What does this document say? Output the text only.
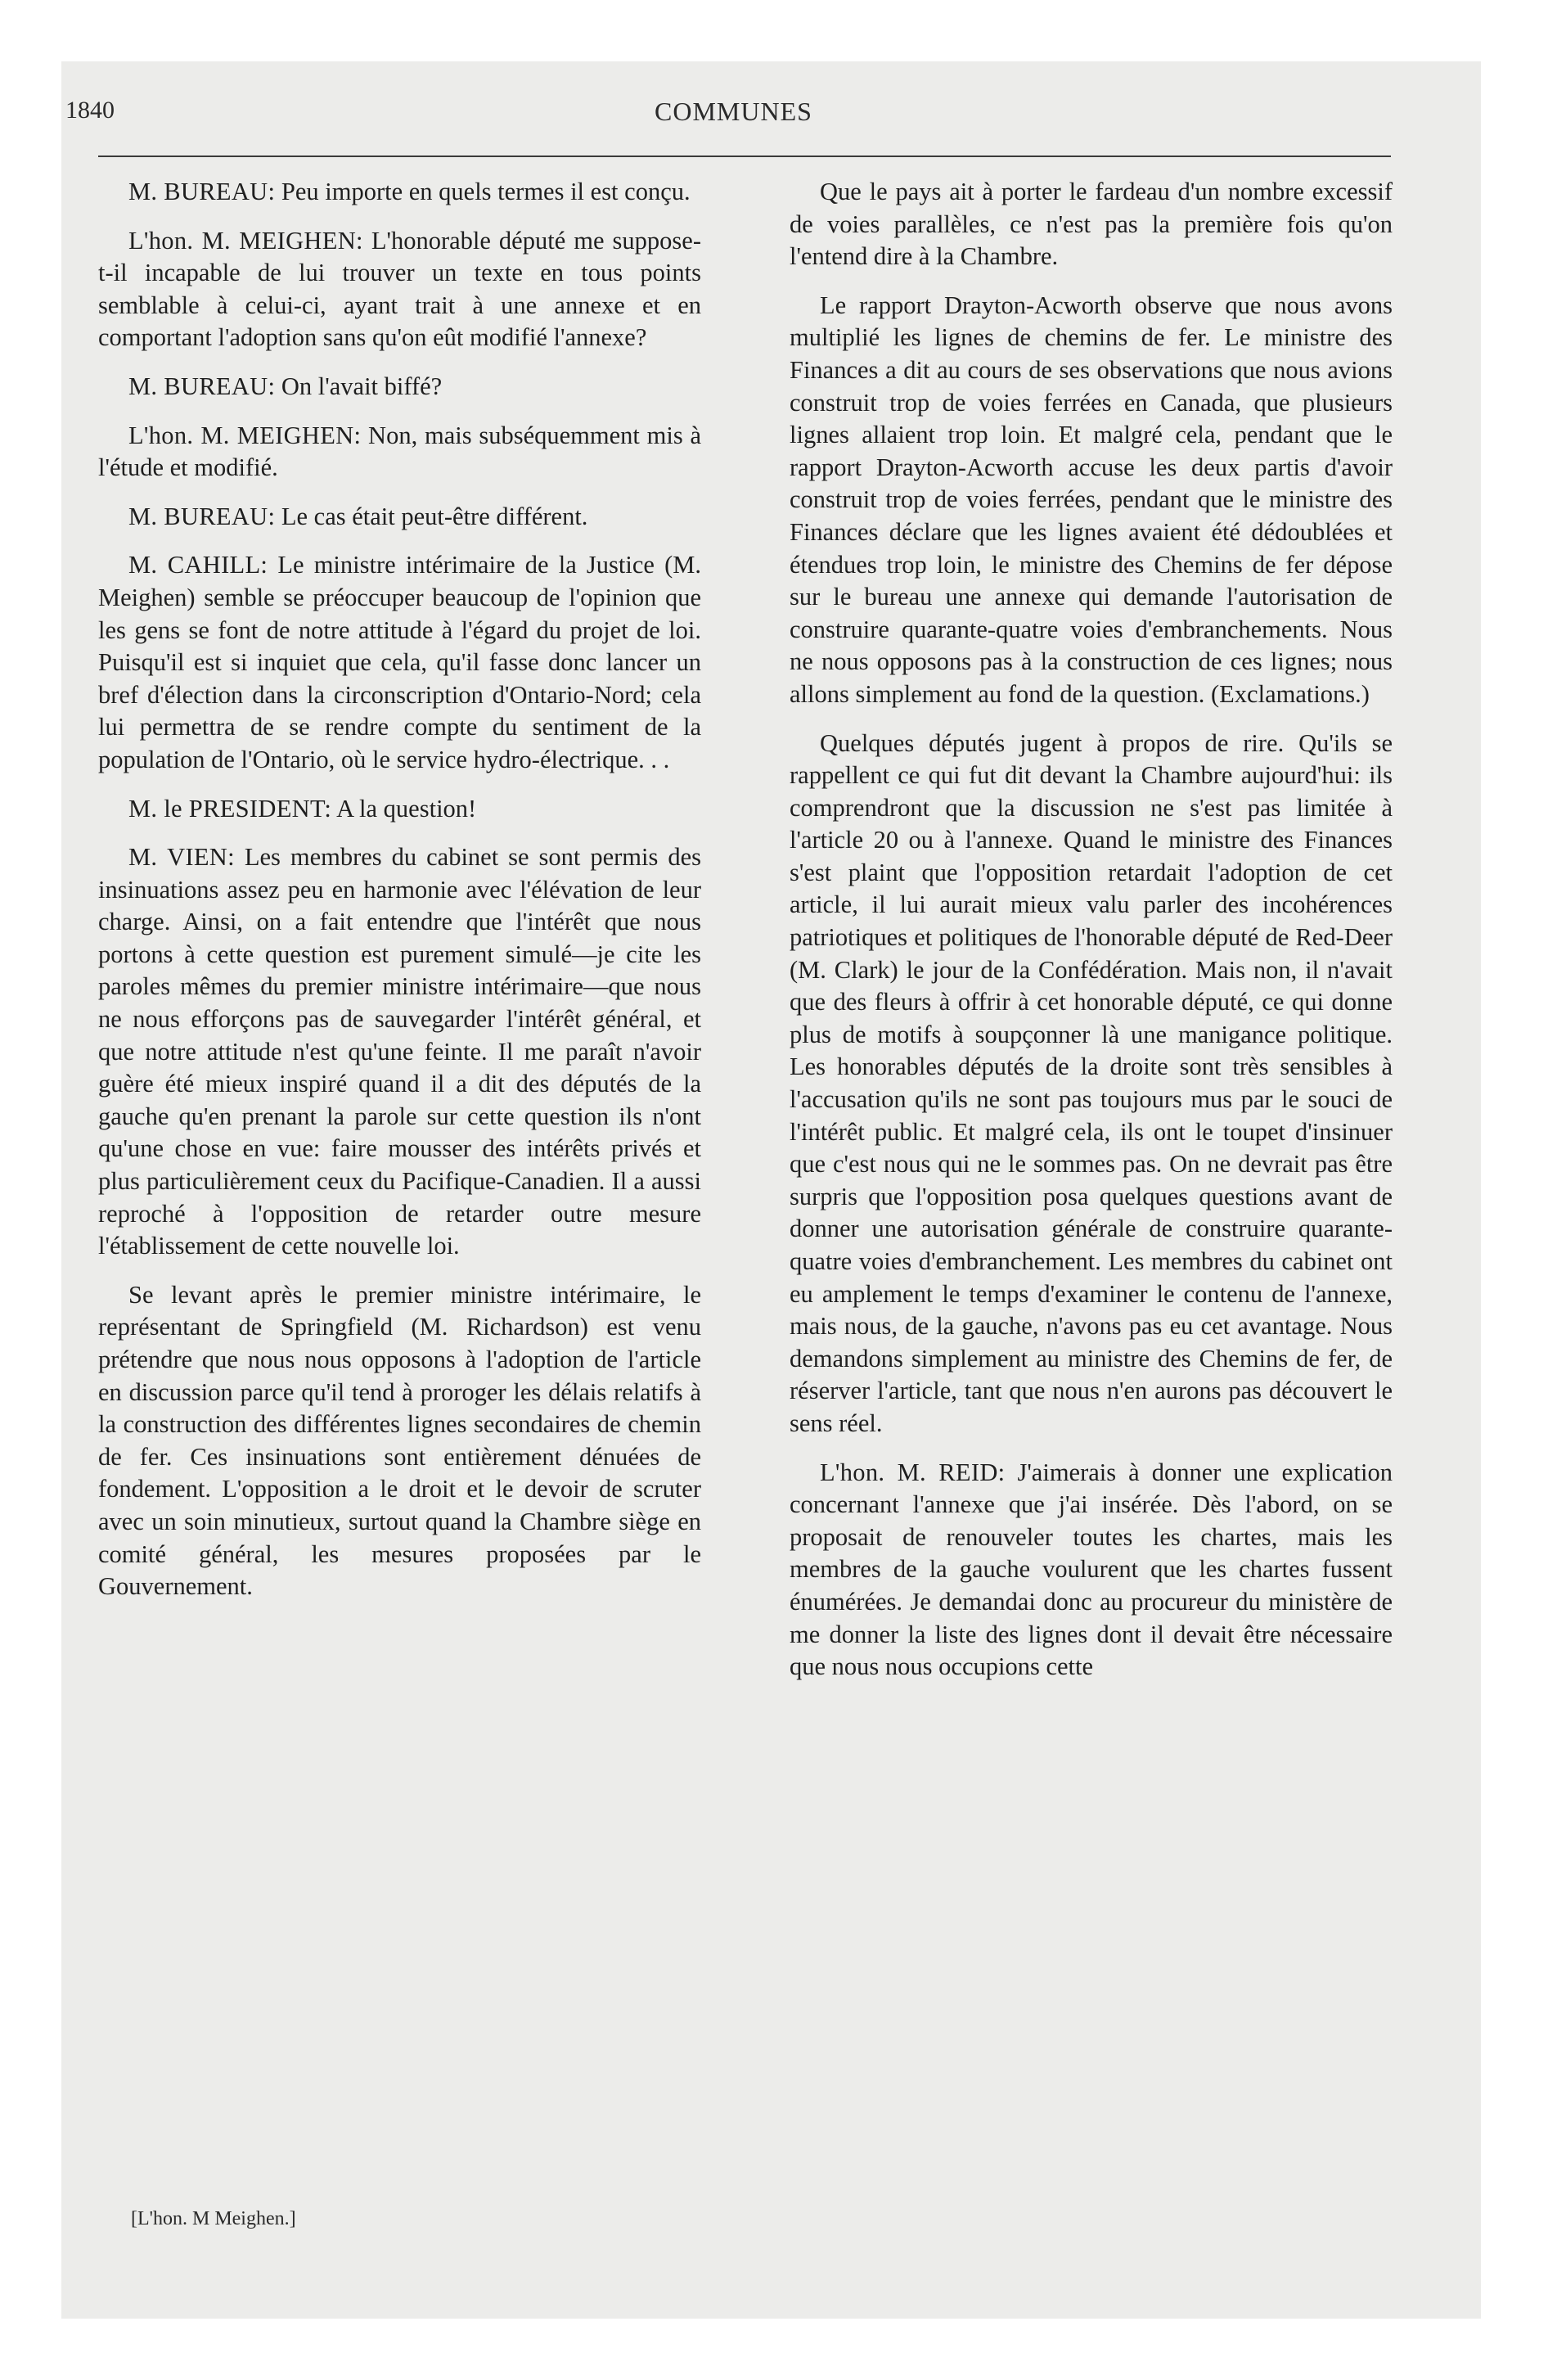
1840	COMMUNES

M. BUREAU: Peu importe en quels termes il est conçu.

L'hon. M. MEIGHEN: L'honorable député me suppose-t-il incapable de lui trouver un texte en tous points semblable à celui-ci, ayant trait à une annexe et en comportant l'adoption sans qu'on eût modifié l'annexe?

M. BUREAU: On l'avait biffé?

L'hon. M. MEIGHEN: Non, mais subséquemment mis à l'étude et modifié.

M. BUREAU: Le cas était peut-être différent.

M. CAHILL: Le ministre intérimaire de la Justice (M. Meighen) semble se préoccuper beaucoup de l'opinion que les gens se font de notre attitude à l'égard du projet de loi. Puisqu'il est si inquiet que cela, qu'il fasse donc lancer un bref d'élection dans la circonscription d'Ontario-Nord; cela lui permettra de se rendre compte du sentiment de la population de l'Ontario, où le service hydro-électrique. . .

M. le PRESIDENT: A la question!

M. VIEN: Les membres du cabinet se sont permis des insinuations assez peu en harmonie avec l'élévation de leur charge. Ainsi, on a fait entendre que l'intérêt que nous portons à cette question est purement simulé—je cite les paroles mêmes du premier ministre intérimaire—que nous ne nous efforçons pas de sauvegarder l'intérêt général, et que notre attitude n'est qu'une feinte. Il me paraît n'avoir guère été mieux inspiré quand il a dit des députés de la gauche qu'en prenant la parole sur cette question ils n'ont qu'une chose en vue: faire mousser des intérêts privés et plus particulièrement ceux du Pacifique-Canadien. Il a aussi reproché à l'opposition de retarder outre mesure l'établissement de cette nouvelle loi.

Se levant après le premier ministre intérimaire, le représentant de Springfield (M. Richardson) est venu prétendre que nous nous opposons à l'adoption de l'article en discussion parce qu'il tend à proroger les délais relatifs à la construction des différentes lignes secondaires de chemin de fer. Ces insinuations sont entièrement dénuées de fondement. L'opposition a le droit et le devoir de scruter avec un soin minutieux, surtout quand la Chambre siège en comité général, les mesures proposées par le Gouvernement.

Que le pays ait à porter le fardeau d'un nombre excessif de voies parallèles, ce n'est pas la première fois qu'on l'entend dire à la Chambre.

Le rapport Drayton-Acworth observe que nous avons multiplié les lignes de chemins de fer. Le ministre des Finances a dit au cours de ses observations que nous avions construit trop de voies ferrées en Canada, que plusieurs lignes allaient trop loin. Et malgré cela, pendant que le rapport Drayton-Acworth accuse les deux partis d'avoir construit trop de voies ferrées, pendant que le ministre des Finances déclare que les lignes avaient été dédoublées et étendues trop loin, le ministre des Chemins de fer dépose sur le bureau une annexe qui demande l'autorisation de construire quarante-quatre voies d'embranchements. Nous ne nous opposons pas à la construction de ces lignes; nous allons simplement au fond de la question. (Exclamations.)

Quelques députés jugent à propos de rire. Qu'ils se rappellent ce qui fut dit devant la Chambre aujourd'hui: ils comprendront que la discussion ne s'est pas limitée à l'article 20 ou à l'annexe. Quand le ministre des Finances s'est plaint que l'opposition retardait l'adoption de cet article, il lui aurait mieux valu parler des incohérences patriotiques et politiques de l'honorable député de Red-Deer (M. Clark) le jour de la Confédération. Mais non, il n'avait que des fleurs à offrir à cet honorable député, ce qui donne plus de motifs à soupçonner là une manigance politique. Les honorables députés de la droite sont très sensibles à l'accusation qu'ils ne sont pas toujours mus par le souci de l'intérêt public. Et malgré cela, ils ont le toupet d'insinuer que c'est nous qui ne le sommes pas. On ne devrait pas être surpris que l'opposition posa quelques questions avant de donner une autorisation générale de construire quarante-quatre voies d'embranchement. Les membres du cabinet ont eu amplement le temps d'examiner le contenu de l'annexe, mais nous, de la gauche, n'avons pas eu cet avantage. Nous demandons simplement au ministre des Chemins de fer, de réserver l'article, tant que nous n'en aurons pas découvert le sens réel.

L'hon. M. REID: J'aimerais à donner une explication concernant l'annexe que j'ai insérée. Dès l'abord, on se proposait de renouveler toutes les chartes, mais les membres de la gauche voulurent que les chartes fussent énumérées. Je demandai donc au procureur du ministère de me donner la liste des lignes dont il devait être nécessaire que nous nous occupions cette

[L'hon. M Meighen.]
